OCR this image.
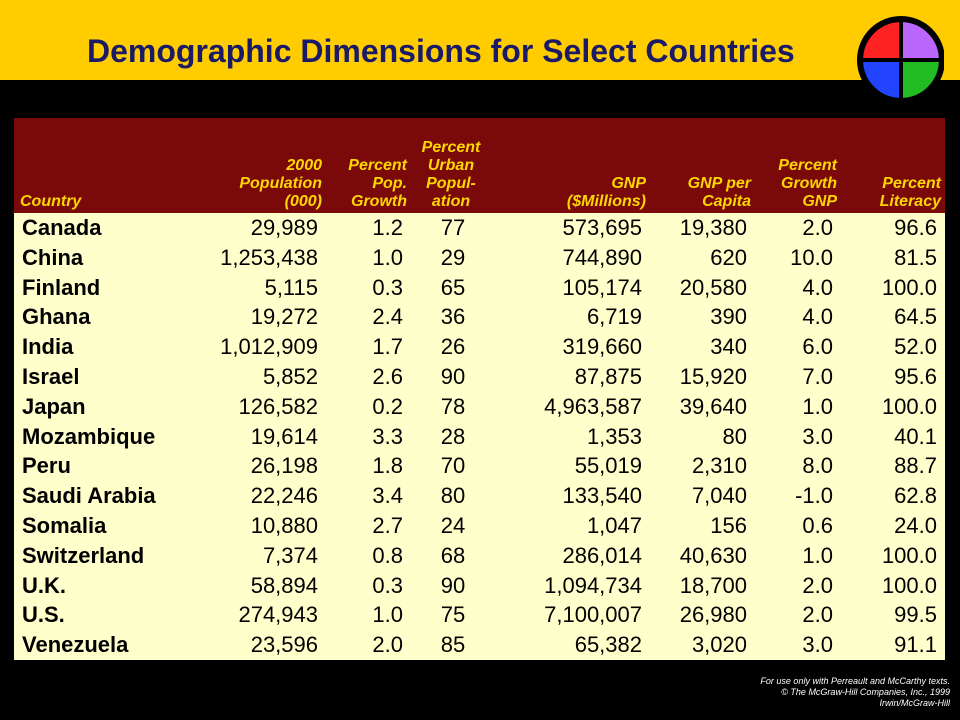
Demographic Dimensions for Select Countries
Country	2000
Population
(000)	Percent
Pop.
Growth	Percent
Urban
Popul-
ation	GNP
($Millions)	GNP per
Capita	Percent
Growth
GNP	Percent
Literacy
Canada	29,989	1.2	77	573,695	19,380	2.0	96.6
China	1,253,438	1.0	29	744,890	620	10.0	81.5
Finland	5,115	0.3	65	105,174	20,580	4.0	100.0
Ghana	19,272	2.4	36	6,719	390	4.0	64.5
India	1,012,909	1.7	26	319,660	340	6.0	52.0
Israel	5,852	2.6	90	87,875	15,920	7.0	95.6
Japan	126,582	0.2	78	4,963,587	39,640	1.0	100.0
Mozambique	19,614	3.3	28	1,353	80	3.0	40.1
Peru	26,198	1.8	70	55,019	2,310	8.0	88.7
Saudi Arabia	22,246	3.4	80	133,540	7,040	-1.0	62.8
Somalia	10,880	2.7	24	1,047	156	0.6	24.0
Switzerland	7,374	0.8	68	286,014	40,630	1.0	100.0
U.K.	58,894	0.3	90	1,094,734	18,700	2.0	100.0
U.S.	274,943	1.0	75	7,100,007	26,980	2.0	99.5
Venezuela	23,596	2.0	85	65,382	3,020	3.0	91.1
For use only with Perreault and McCarthy texts.
© The McGraw-Hill Companies, Inc., 1999
Irwin/McGraw-Hill
